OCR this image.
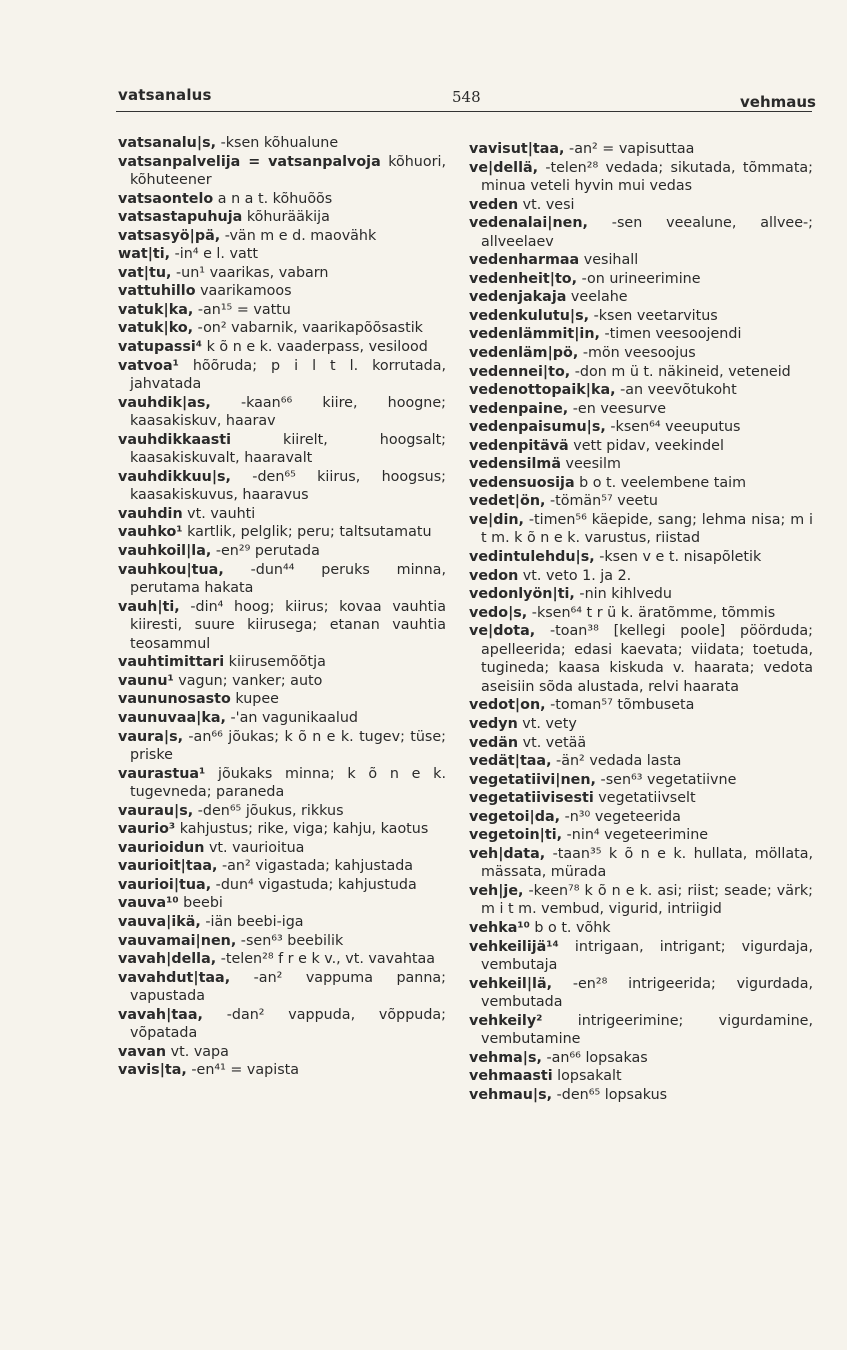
vatsanalus	548	vehmaus

vatsanalu|s, -ksen kõhualune

vatsanpalvelija = vatsanpalvoja kõhuori, kõhuteener

vatsaontelo a n a t. kõhuõõs

vatsastapuhuja kõhurääkija

vatsasyö|pä, -vän m e d. maovähk

wat|ti, -in⁴ e l. vatt

vat|tu, -un¹ vaarikas, vabarn

vattuhillo vaarikamoos

vatuk|ka, -an¹⁵ = vattu

vatuk|ko, -on² vabarnik, vaarikapõõsastik

vatupassi⁴ k õ n e k. vaaderpass, vesilood

vatvoa¹ hõõruda; p i l t l. korrutada, jahvatada

vauhdik|as, -kaan⁶⁶ kiire, hoogne; kaasakiskuv, haarav

vauhdikkaasti kiirelt, hoogsalt; kaasakiskuvalt, haaravalt

vauhdikkuu|s, -den⁶⁵ kiirus, hoogsus; kaasakiskuvus, haaravus

vauhdin vt. vauhti

vauhko¹ kartlik, pelglik; peru; taltsutamatu

vauhkoil|la, -en²⁹ perutada

vauhkou|tua, -dun⁴⁴ peruks minna, perutama hakata

vauh|ti, -din⁴ hoog; kiirus; kovaa vauhtia kiiresti, suure kiirusega; etanan vauhtia teosammul

vauhtimittari kiirusemõõtja

vaunu¹ vagun; vanker; auto

vaununosasto kupee

vaunuvaa|ka, -'an vagunikaalud

vaura|s, -an⁶⁶ jõukas; k õ n e k. tugev; tüse; priske

vaurastua¹ jõukaks minna; k õ n e k. tugevneda; paraneda

vaurau|s, -den⁶⁵ jõukus, rikkus

vaurio³ kahjustus; rike, viga; kahju, kaotus

vaurioidun vt. vaurioitua

vaurioit|taa, -an² vigastada; kahjustada

vaurioi|tua, -dun⁴ vigastuda; kahjustuda

vauva¹⁰ beebi

vauva|ikä, -iän beebi-iga

vauvamai|nen, -sen⁶³ beebilik

vavah|della, -telen²⁸ f r e k v., vt. vavahtaa

vavahdut|taa, -an² vappuma panna; vapustada

vavah|taa, -dan² vappuda, võppuda; võpatada

vavan vt. vapa

vavis|ta, -en⁴¹ = vapista

vavisut|taa, -an² = vapisuttaa

ve|dellä, -telen²⁸ vedada; sikutada, tõmmata; minua veteli hyvin mui vedas

veden vt. vesi

vedenalai|nen, -sen veealune, allvee-; allveelaev

vedenharmaa vesihall

vedenheit|to, -on urineerimine

vedenjakaja veelahe

vedenkulutu|s, -ksen veetarvitus

vedenlämmit|in, -timen veesoojendi

vedenläm|pö, -mön veesoojus

vedennei|to, -don m ü t. näkineid, veteneid

vedenottopaik|ka, -an veevõtukoht

vedenpaine, -en veesurve

vedenpaisumu|s, -ksen⁶⁴ veeuputus

vedenpitävä vett pidav, veekindel

vedensilmä veesilm

vedensuosija b o t. veelembene taim

vedet|ön, -tömän⁵⁷ veetu

ve|din, -timen⁵⁶ käepide, sang; lehma nisa; m i t m. k õ n e k. varustus, riistad

vedintulehdu|s, -ksen v e t. nisapõletik

vedon vt. veto 1. ja 2.

vedonlyön|ti, -nin kihlvedu

vedo|s, -ksen⁶⁴ t r ü k. äratõmme, tõmmis

ve|dota, -toan³⁸ [kellegi poole] pöörduda; apelleerida; edasi kaevata; viidata; toetuda, tugineda; kaasa kiskuda v. haarata; vedota aseisiin sõda alustada, relvi haarata

vedot|on, -toman⁵⁷ tõmbuseta

vedyn vt. vety

vedän vt. vetää

vedät|taa, -än² vedada lasta

vegetatiivi|nen, -sen⁶³ vegetatiivne

vegetatiivisesti vegetatiivselt

vegetoi|da, -n³⁰ vegeteerida

vegetoin|ti, -nin⁴ vegeteerimine

veh|data, -taan³⁵ k õ n e k. hullata, möllata, mässata, mürada

veh|je, -keen⁷⁸ k õ n e k. asi; riist; seade; värk; m i t m. vembud, vigurid, intriigid

vehka¹⁰ b o t. võhk

vehkeilijä¹⁴ intrigaan, intrigant; vigurdaja, vembutaja

vehkeil|lä, -en²⁸ intrigeerida; vigurdada, vembutada

vehkeily² intrigeerimine; vigurdamine, vembutamine

vehma|s, -an⁶⁶ lopsakas

vehmaasti lopsakalt

vehmau|s, -den⁶⁵ lopsakus
